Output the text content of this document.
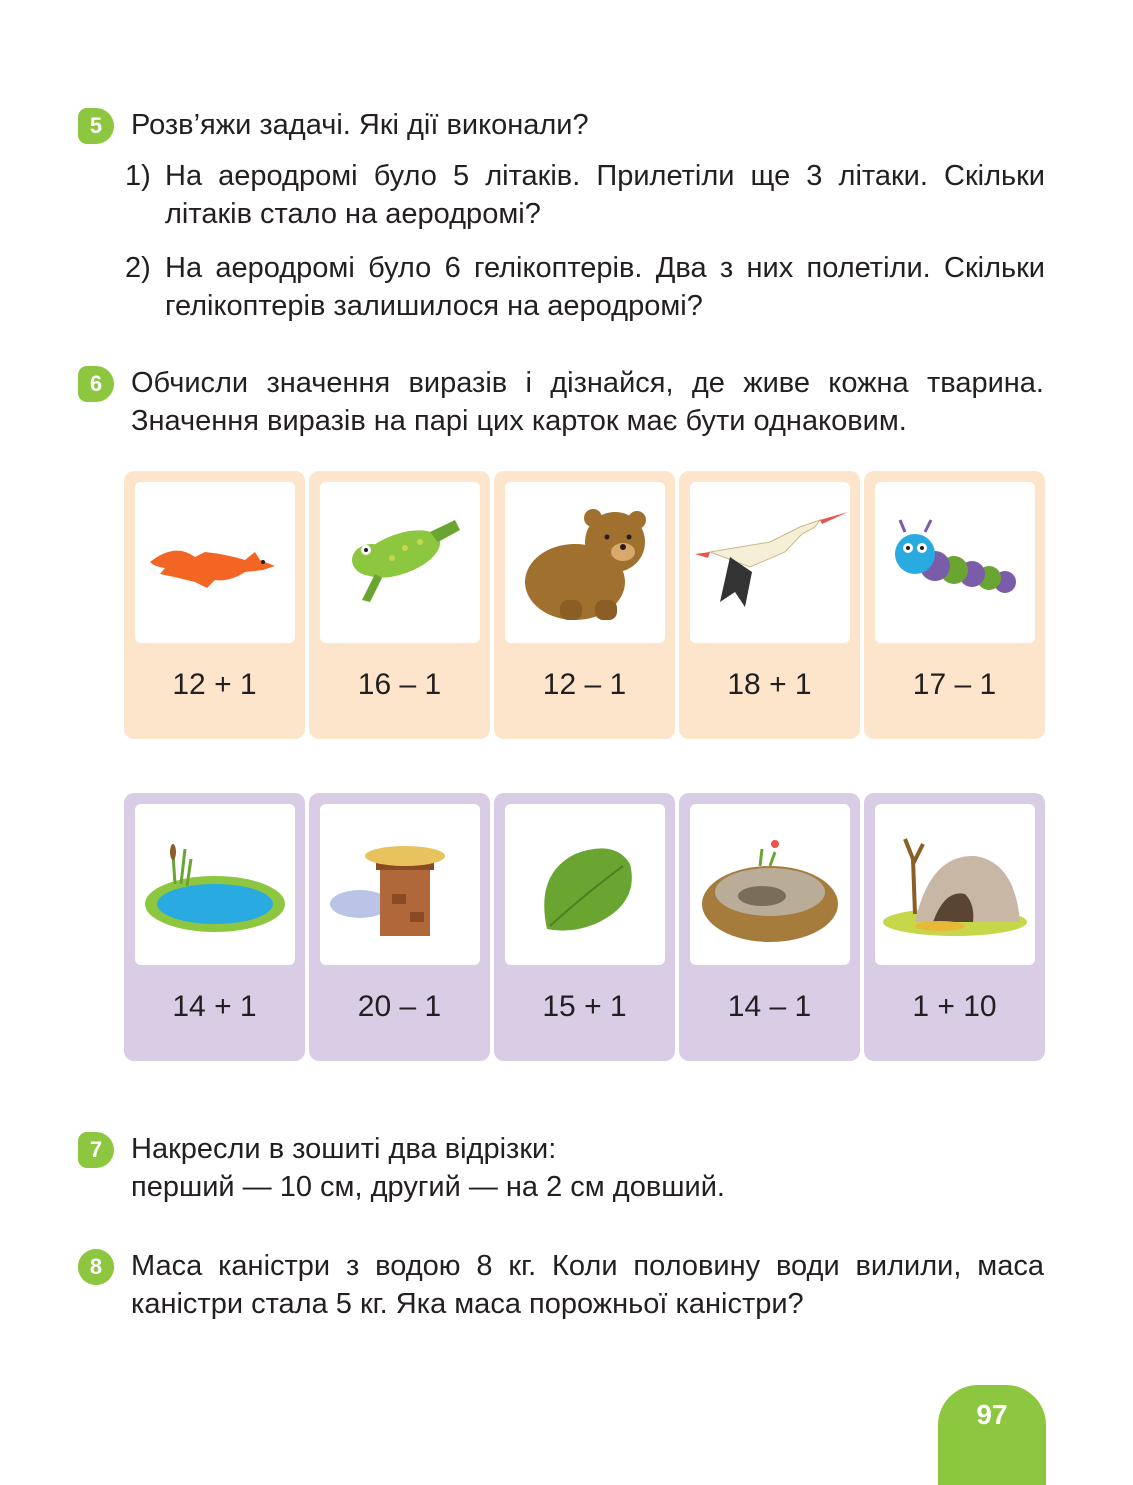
5 Розв’яжи задачі. Які дії виконали?
1) На аеродромі було 5 літаків. Прилетіли ще 3 літаки. Скільки літаків стало на аеродромі?
2) На аеродромі було 6 гелікоптерів. Два з них полетіли. Скільки гелікоптерів залишилося на аеродромі?
6 Обчисли значення виразів і дізнайся, де живе кожна тварина. Значення виразів на парі цих карток має бути однаковим.
12 + 1	16 – 1	12 – 1	18 + 1	17 – 1
14 + 1	20 – 1	15 + 1	14 – 1	1 + 10
7 Накресли в зошиті два відрізки:
перший — 10 см, другий — на 2 см довший.
8 Маса каністри з водою 8 кг. Коли половину води вилили, маса каністри стала 5 кг. Яка маса порожньої каністри?
97
